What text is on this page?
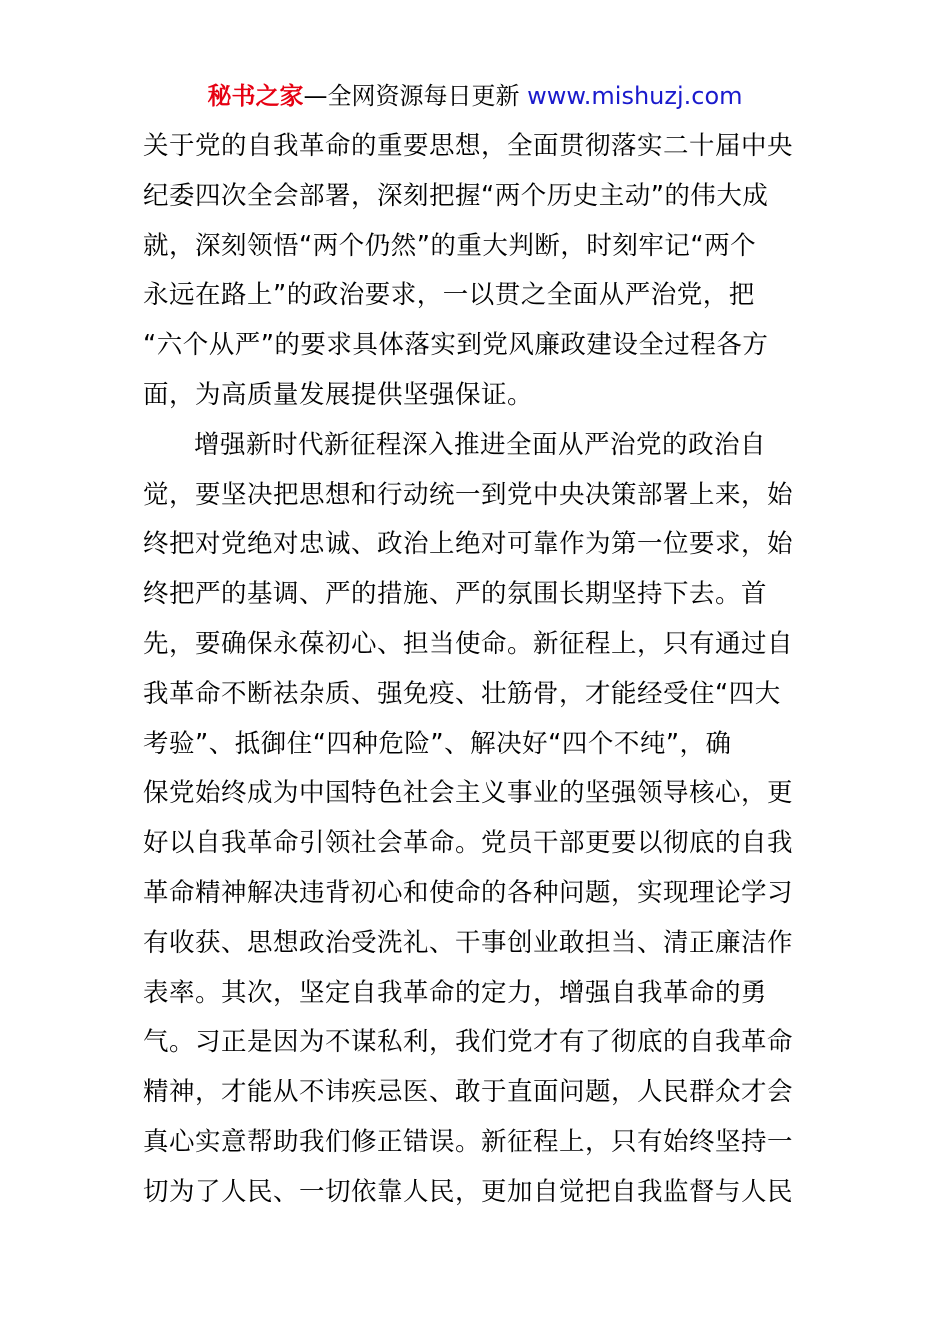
秘书之家—全网资源每日更新 www.mishuzj.com
关于党的自我革命的重要思想，全面贯彻落实二十届中央
纪委四次全会部署，深刻把握“两个历史主动”的伟大成
就，深刻领悟“两个仍然”的重大判断，时刻牢记“两个
永远在路上”的政治要求，一以贯之全面从严治党，把
“六个从严”的要求具体落实到党风廉政建设全过程各方
面，为高质量发展提供坚强保证。
增强新时代新征程深入推进全面从严治党的政治自
觉，要坚决把思想和行动统一到党中央决策部署上来，始
终把对党绝对忠诚、政治上绝对可靠作为第一位要求，始
终把严的基调、严的措施、严的氛围长期坚持下去。首
先，要确保永葆初心、担当使命。新征程上，只有通过自
我革命不断祛杂质、强免疫、壮筋骨，才能经受住“四大
考验”、抵御住“四种危险”、解决好“四个不纯”，确
保党始终成为中国特色社会主义事业的坚强领导核心，更
好以自我革命引领社会革命。党员干部更要以彻底的自我
革命精神解决违背初心和使命的各种问题，实现理论学习
有收获、思想政治受洗礼、干事创业敢担当、清正廉洁作
表率。其次，坚定自我革命的定力，增强自我革命的勇
气。习正是因为不谋私利，我们党才有了彻底的自我革命
精神，才能从不讳疾忌医、敢于直面问题，人民群众才会
真心实意帮助我们修正错误。新征程上，只有始终坚持一
切为了人民、一切依靠人民，更加自觉把自我监督与人民
